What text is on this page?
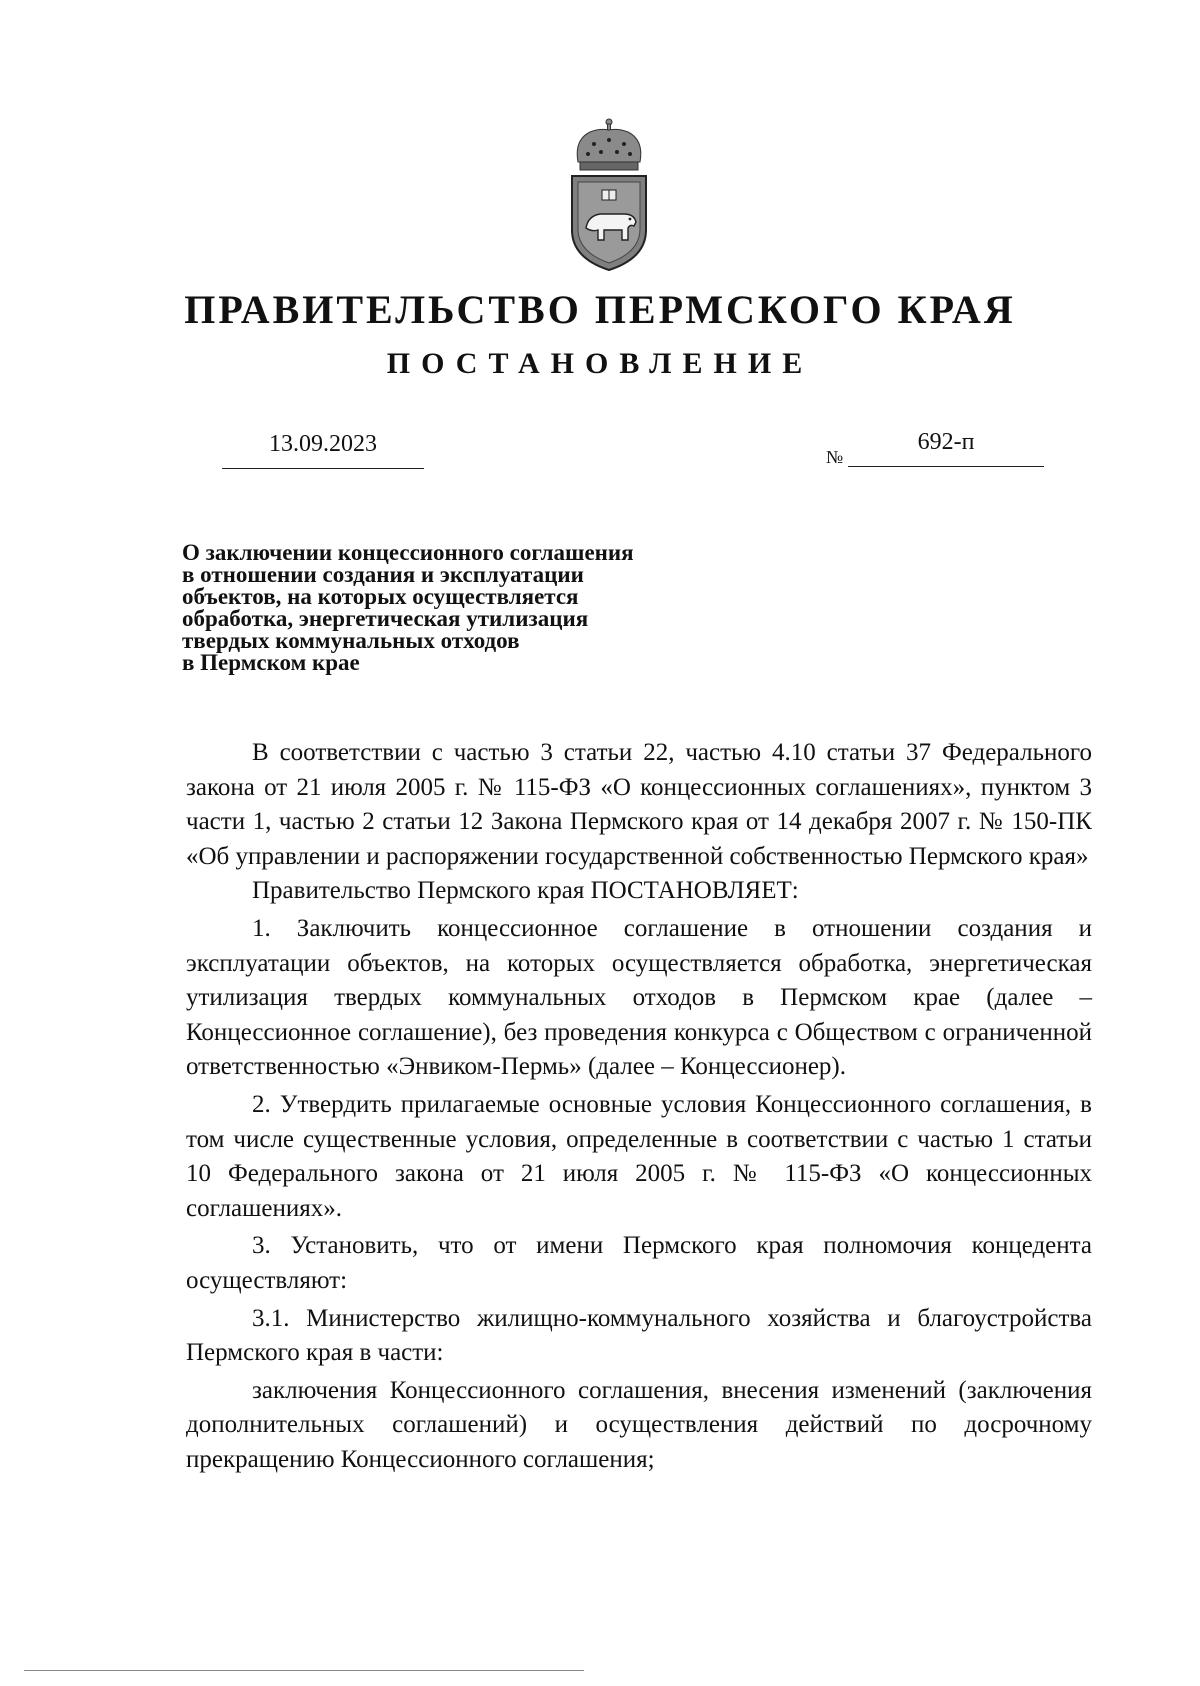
ПРАВИТЕЛЬСТВО ПЕРМСКОГО КРАЯ
ПОСТАНОВЛЕНИЕ
13.09.2023	№
692-п
О заключении концессионного соглашения
в отношении создания и эксплуатации
объектов, на которых осуществляется
обработка, энергетическая утилизация
твердых коммунальных отходов
в Пермском крае

В соответствии с частью 3 статьи 22, частью 4.10 статьи 37 Федерального закона от 21 июля 2005 г. № 115-ФЗ «О концессионных соглашениях», пунктом 3 части 1, частью 2 статьи 12 Закона Пермского края от 14 декабря 2007 г. № 150-ПК «Об управлении и распоряжении государственной собственностью Пермского края»

Правительство Пермского края ПОСТАНОВЛЯЕТ:

1. Заключить концессионное соглашение в отношении создания и эксплуатации объектов, на которых осуществляется обработка, энергетическая утилизация твердых коммунальных отходов в Пермском крае (далее – Концессионное соглашение), без проведения конкурса с Обществом с ограниченной ответственностью «Энвиком-Пермь» (далее – Концессионер).

2. Утвердить прилагаемые основные условия Концессионного соглашения, в том числе существенные условия, определенные в соответствии с частью 1 статьи 10 Федерального закона от 21 июля 2005 г. № 115-ФЗ «О концессионных соглашениях».

3. Установить, что от имени Пермского края полномочия концедента осуществляют:

3.1. Министерство жилищно-коммунального хозяйства и благоустройства Пермского края в части:

заключения Концессионного соглашения, внесения изменений (заключения дополнительных соглашений) и осуществления действий по досрочному прекращению Концессионного соглашения;
